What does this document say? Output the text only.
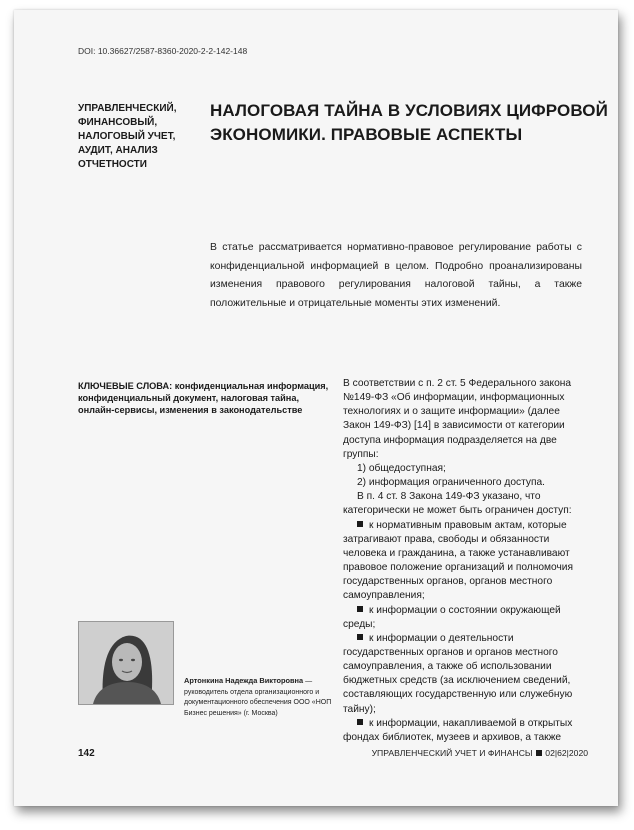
DOI: 10.36627/2587-8360-2020-2-2-142-148
УПРАВЛЕНЧЕСКИЙ,
ФИНАНСОВЫЙ,
НАЛОГОВЫЙ УЧЕТ,
АУДИТ, АНАЛИЗ
ОТЧЕТНОСТИ
НАЛОГОВАЯ ТАЙНА В УСЛОВИЯХ ЦИФРОВОЙ
ЭКОНОМИКИ. ПРАВОВЫЕ АСПЕКТЫ
В статье рассматривается нормативно-правовое регулирование работы с конфиденциальной информацией в целом. Подробно проанализированы изменения правового регулирования налоговой тайны, а также положительные и отрицательные моменты этих изменений.
КЛЮЧЕВЫЕ СЛОВА: конфиденциальная информация, конфиденциальный документ, налоговая тайна, онлайн-сервисы, изменения в законодательстве

В соответствии с п. 2 ст. 5 Федерального закона №149-ФЗ «Об информации, информационных технологиях и о защите информации» (далее Закон 149-ФЗ) [14] в зависимости от категории доступа информация подразделяется на две группы:

1) общедоступная;

2) информация ограниченного доступа.

В п. 4 ст. 8 Закона 149-ФЗ указано, что категорически не может быть ограничен доступ:

к нормативным правовым актам, которые затрагивают права, свободы и обязанности человека и гражданина, а также устанавливают правовое положение организаций и полномочия государственных органов, органов местного самоуправления;

к информации о состоянии окружающей среды;

к информации о деятельности государственных органов и органов местного самоуправления, а также об использовании бюджетных средств (за исключением сведений, составляющих государственную или служебную тайну);

к информации, накапливаемой в открытых фондах библиотек, музеев и архивов, а также

Артонкина Надежда Викторовна — руководитель отдела организационного и документационного обеспечения ООО «НОП Бизнес решения» (г. Москва)
142	УПРАВЛЕНЧЕСКИЙ УЧЕТ И ФИНАНСЫ 02|62|2020
